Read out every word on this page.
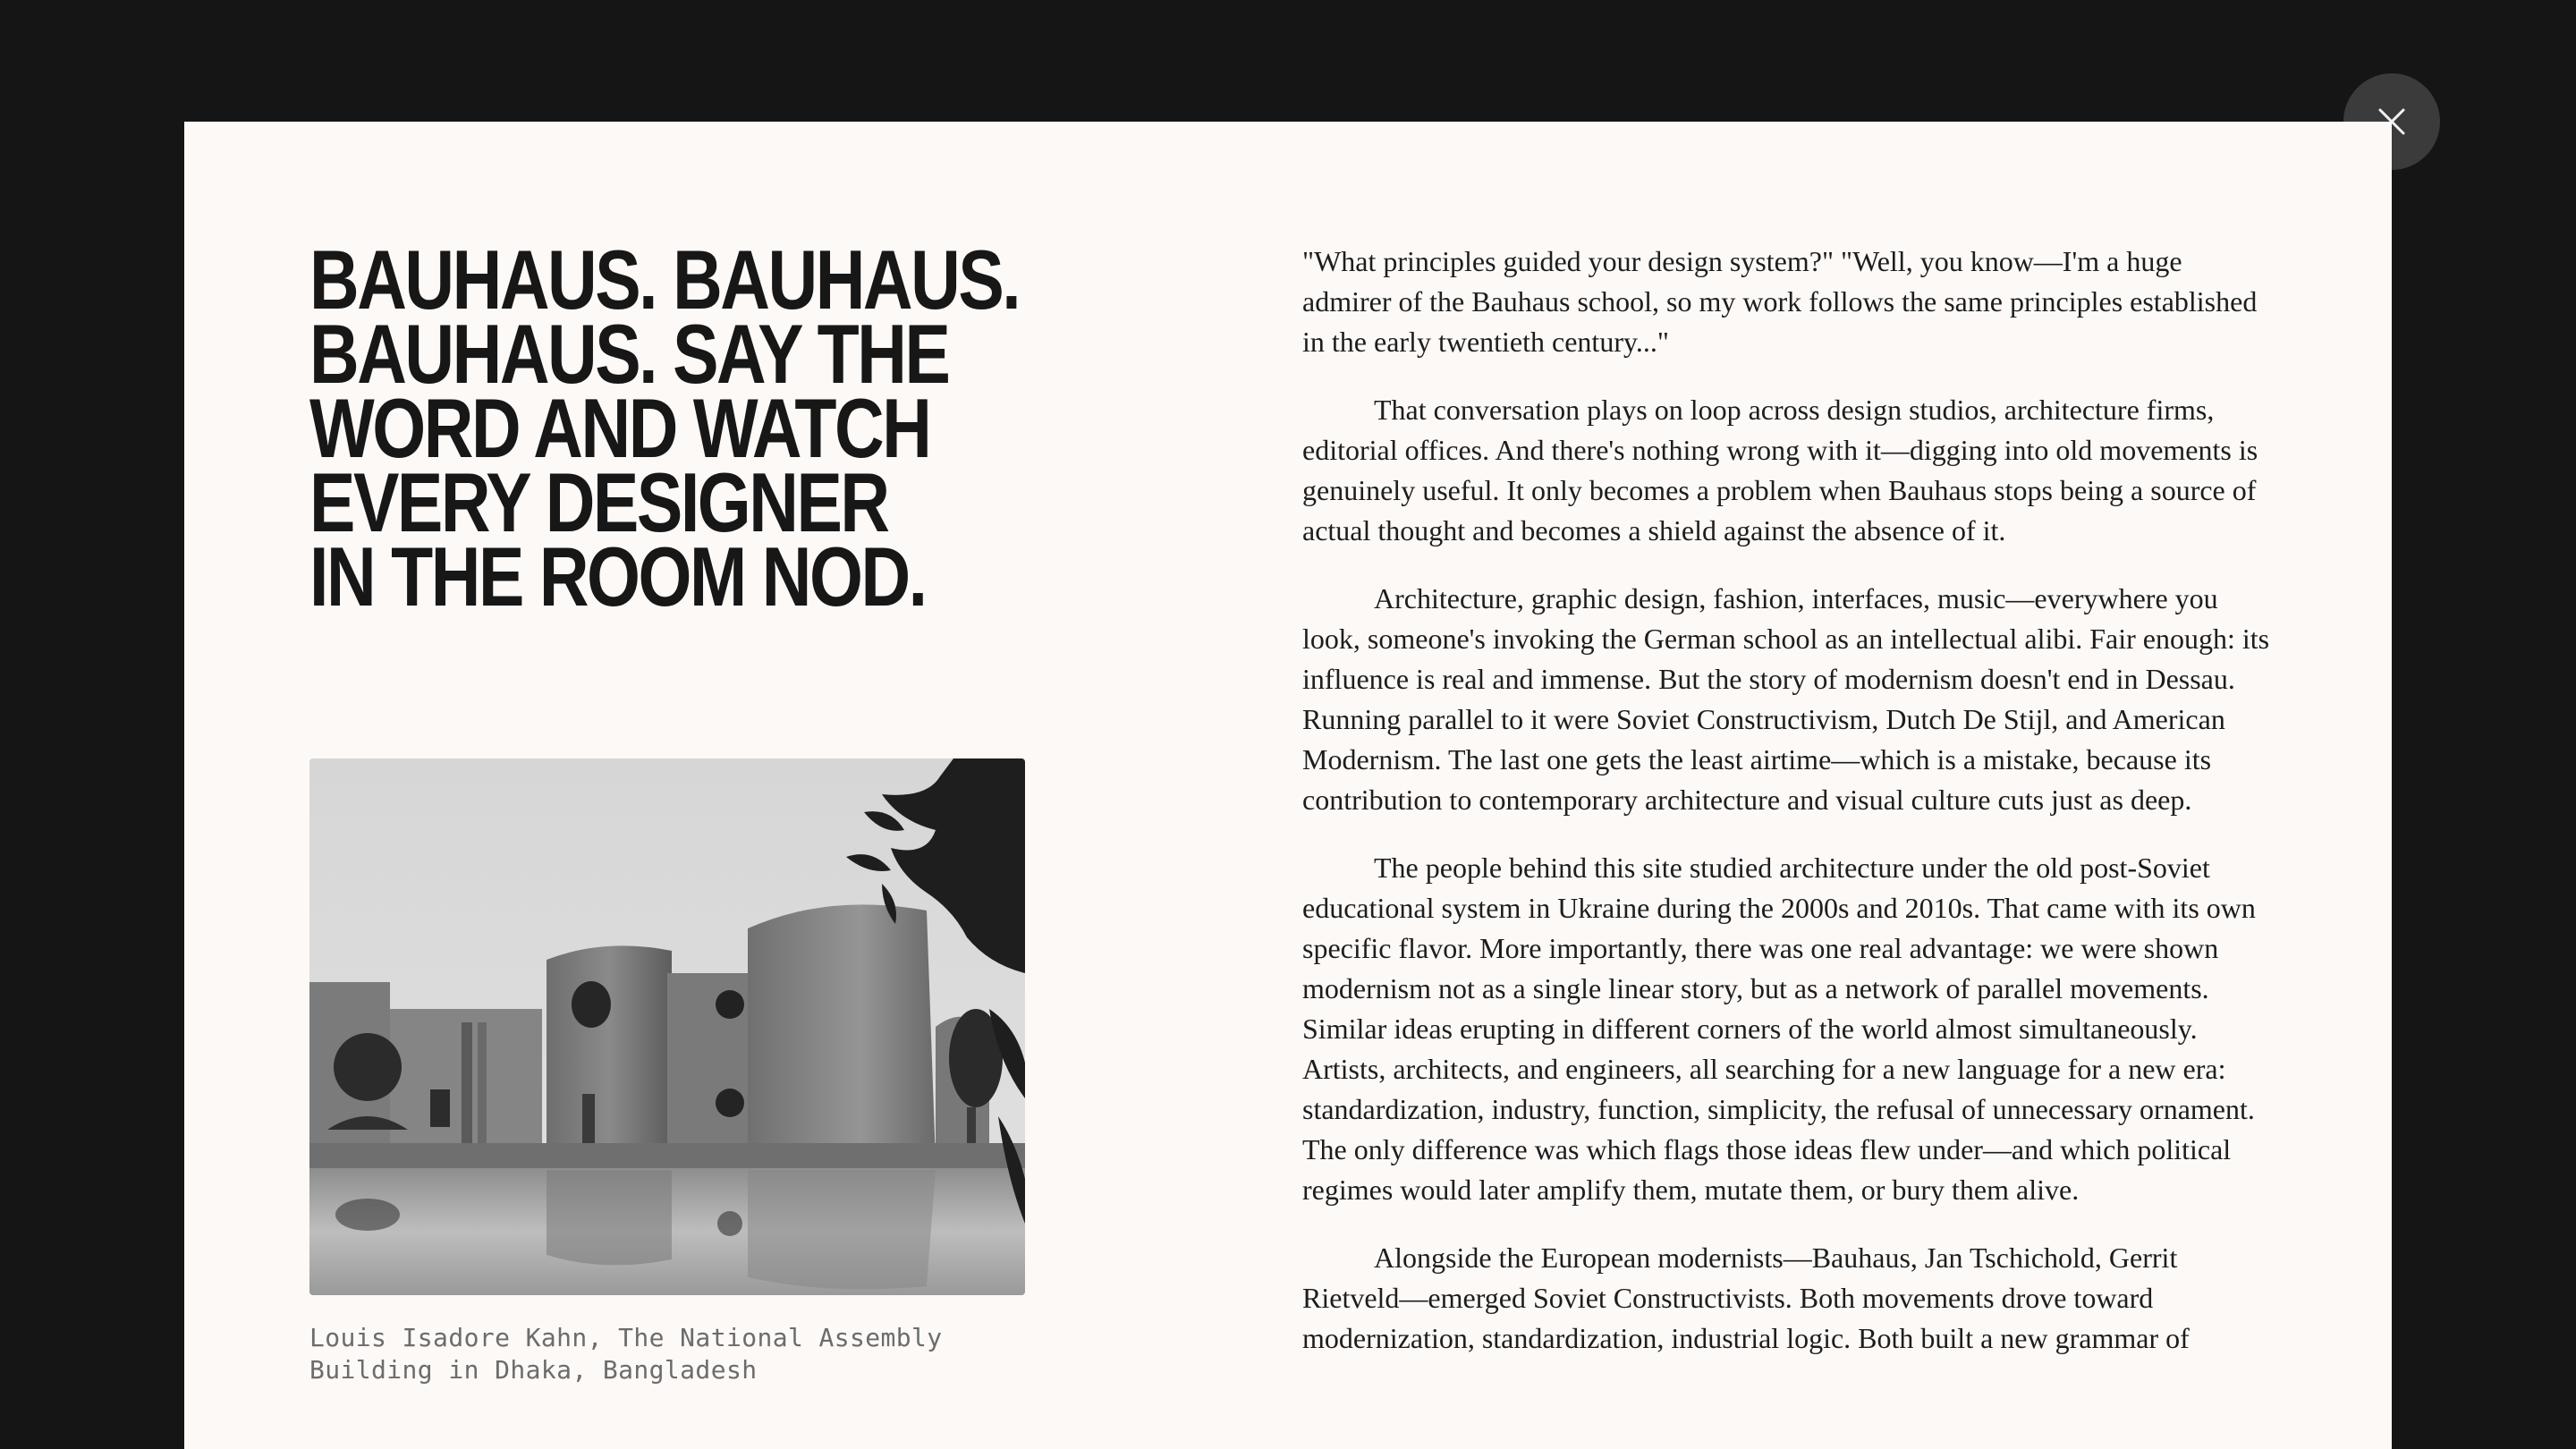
BAUHAUS. BAUHAUS.
BAUHAUS. SAY THE
WORD AND WATCH
EVERY DESIGNER
IN THE ROOM NOD.
Louis Isadore Kahn, The National Assembly Building in Dhaka, Bangladesh

"What principles guided your design system?" "Well, you know—I'm a huge admirer of the Bauhaus school, so my work follows the same principles established in the early twentieth century..."

That conversation plays on loop across design studios, architecture firms, editorial offices. And there's nothing wrong with it—digging into old movements is genuinely useful. It only becomes a problem when Bauhaus stops being a source of actual thought and becomes a shield against the absence of it.

Architecture, graphic design, fashion, interfaces, music—everywhere you look, someone's invoking the German school as an intellectual alibi. Fair enough: its influence is real and immense. But the story of modernism doesn't end in Dessau. Running parallel to it were Soviet Constructivism, Dutch De Stijl, and American Modernism. The last one gets the least airtime—which is a mistake, because its contribution to contemporary architecture and visual culture cuts just as deep.

The people behind this site studied architecture under the old post-Soviet educational system in Ukraine during the 2000s and 2010s. That came with its own specific flavor. More importantly, there was one real advantage: we were shown modernism not as a single linear story, but as a network of parallel movements. Similar ideas erupting in different corners of the world almost simultaneously. Artists, architects, and engineers, all searching for a new language for a new era: standardization, industry, function, simplicity, the refusal of unnecessary ornament. The only difference was which flags those ideas flew under—and which political regimes would later amplify them, mutate them, or bury them alive.

Alongside the European modernists—Bauhaus, Jan Tschichold, Gerrit Rietveld—emerged Soviet Constructivists. Both movements drove toward modernization, standardization, industrial logic. Both built a new grammar of
